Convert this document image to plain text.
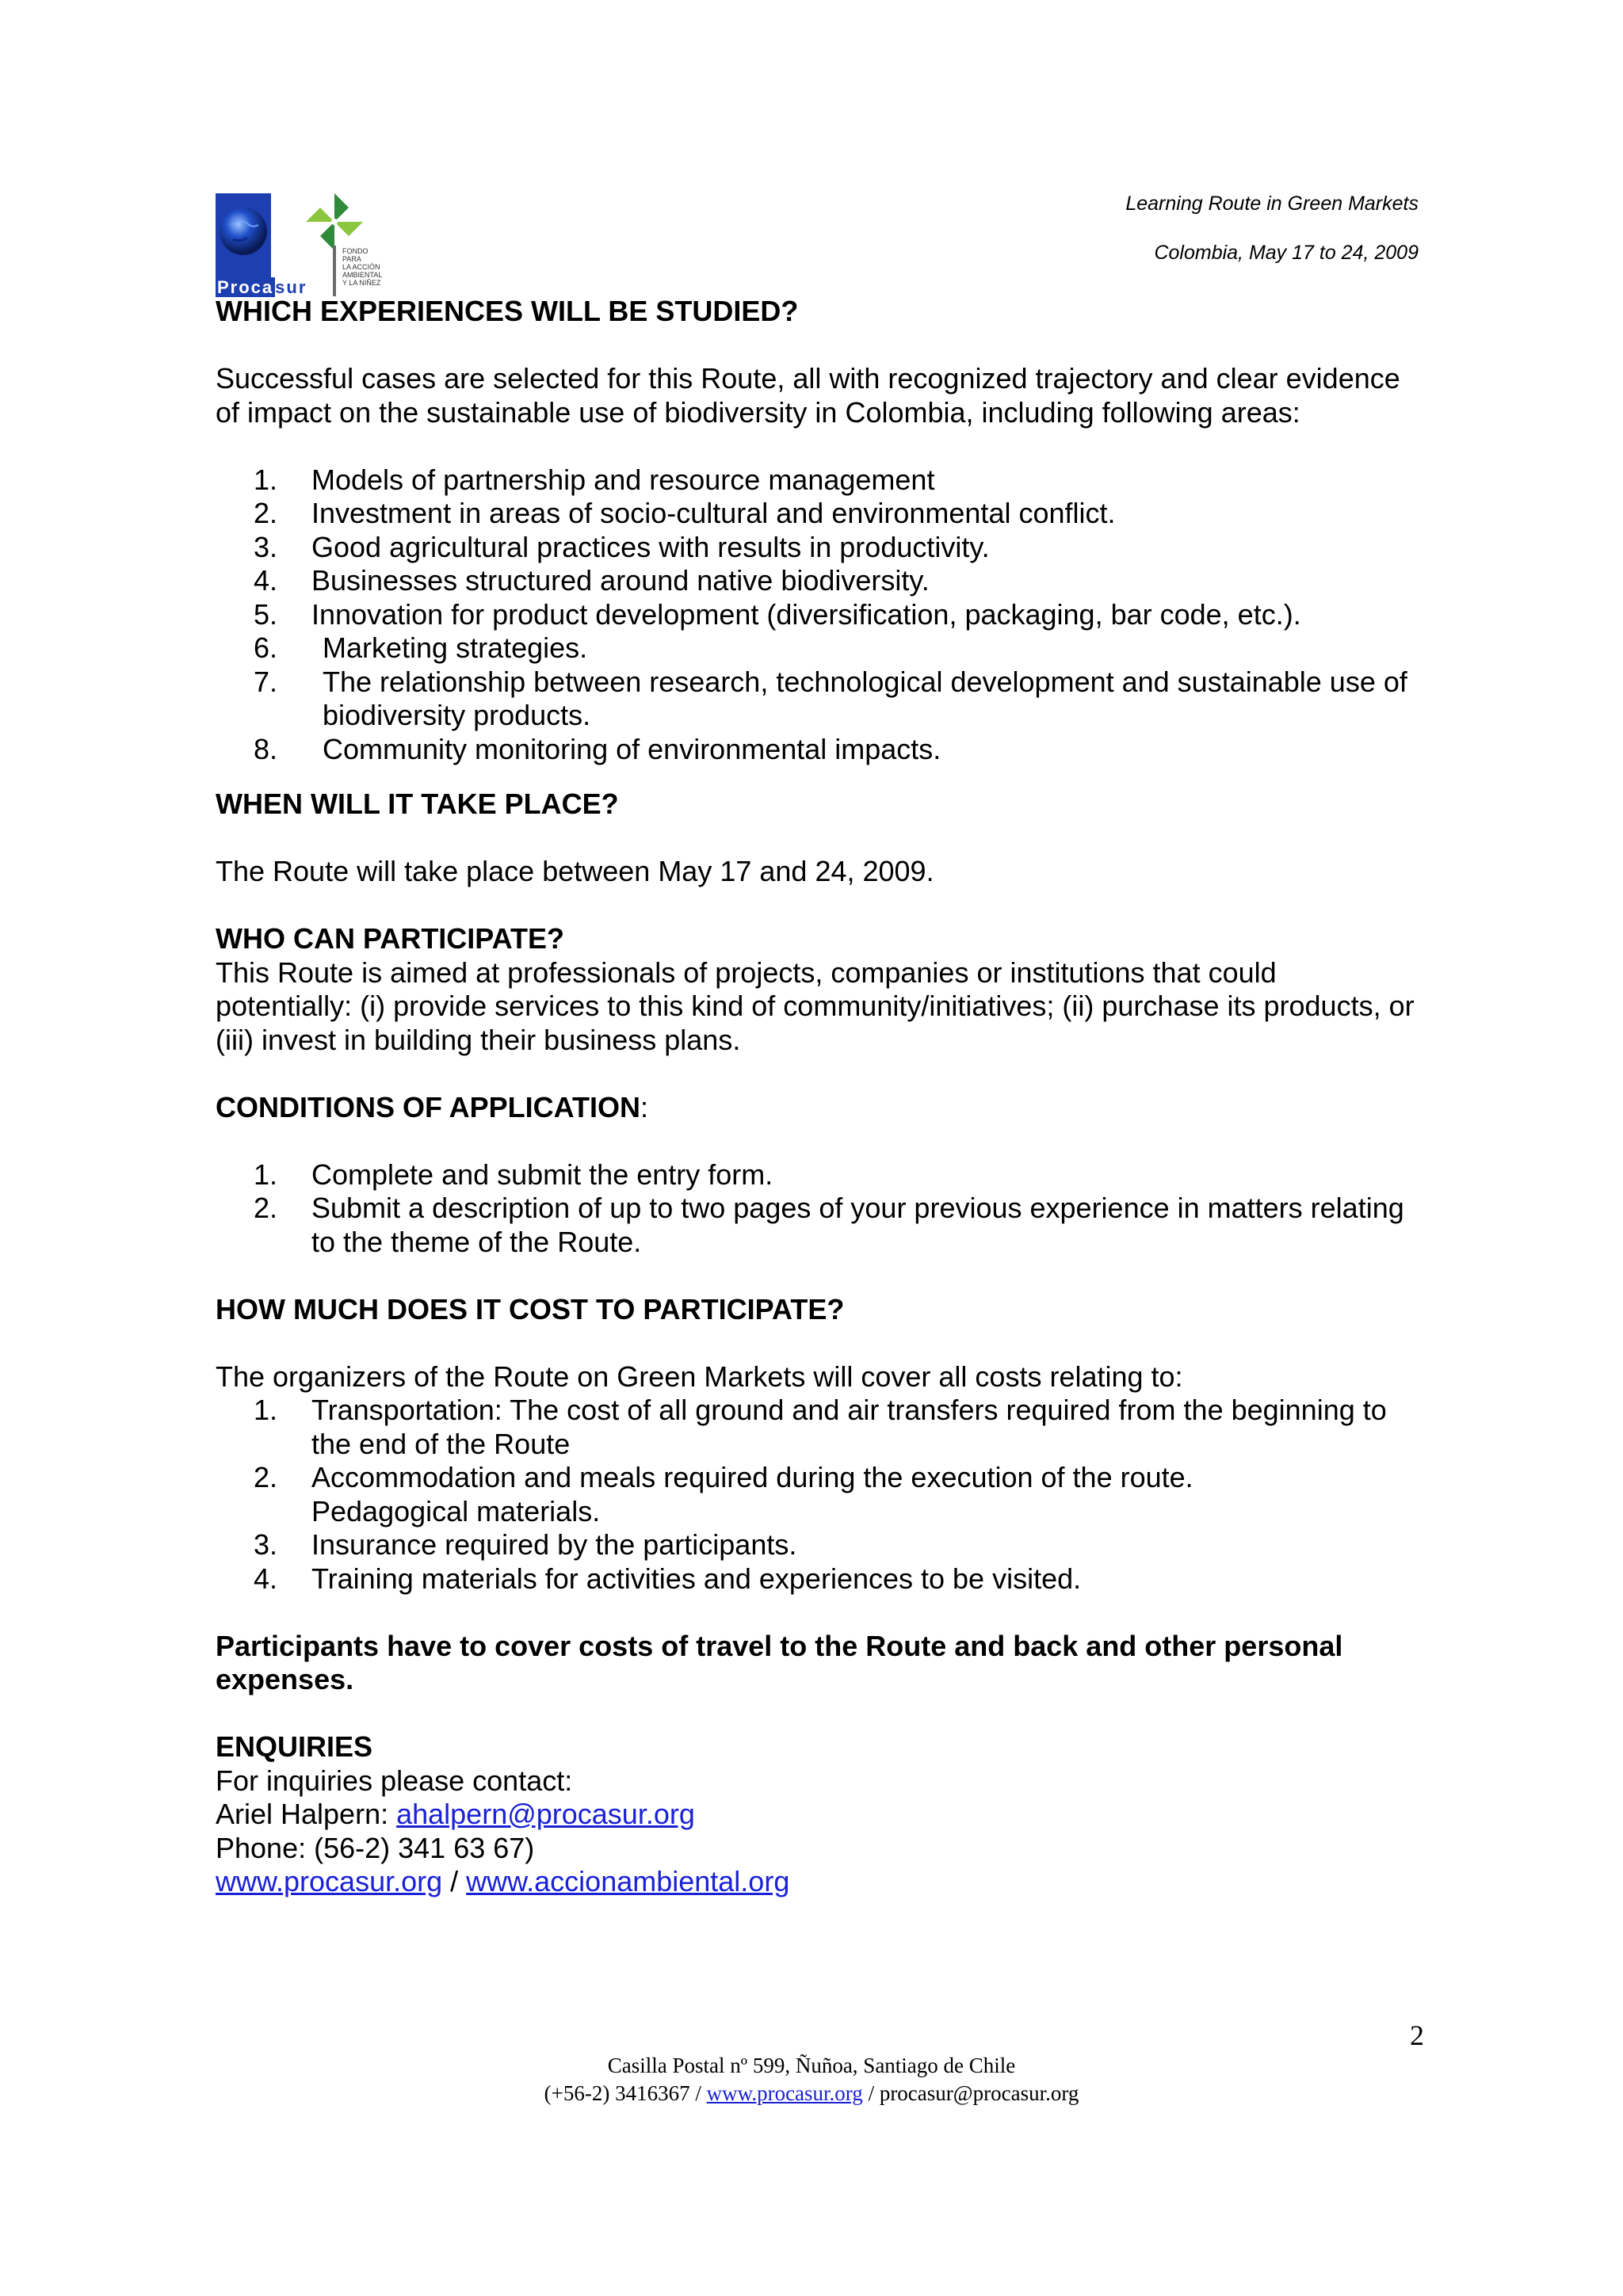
Learning Route in Green Markets
Colombia, May 17 to 24, 2009
Procasur
FONDO
PARA
LA ACCIÓN
AMBIENTAL
Y LA NIÑEZ
WHICH EXPERIENCES WILL BE STUDIED?

Successful cases are selected for this Route, all with recognized trajectory and clear evidence of impact on the sustainable use of biodiversity in Colombia, including following areas:

1. Models of partnership and resource management
2. Investment in areas of socio-cultural and environmental conflict.
3. Good agricultural practices with results in productivity.
4. Businesses structured around native biodiversity.
5. Innovation for product development (diversification, packaging, bar code, etc.).
6. Marketing strategies.
7. The relationship between research, technological development and sustainable use of biodiversity products.
8. Community monitoring of environmental impacts.
WHEN WILL IT TAKE PLACE?

The Route will take place between May 17 and 24, 2009.

WHO CAN PARTICIPATE?

This Route is aimed at professionals of projects, companies or institutions that could potentially: (i) provide services to this kind of community/initiatives; (ii) purchase its products, or (iii) invest in building their business plans.

CONDITIONS OF APPLICATION:
1. Complete and submit the entry form.
2. Submit a description of up to two pages of your previous experience in matters relating to the theme of the Route.
HOW MUCH DOES IT COST TO PARTICIPATE?

The organizers of the Route on Green Markets will cover all costs relating to:

1. Transportation: The cost of all ground and air transfers required from the beginning to the end of the Route
2. Accommodation and meals required during the execution of the route.
Pedagogical materials.
3. Insurance required by the participants.
4. Training materials for activities and experiences to be visited.

Participants have to cover costs of travel to the Route and back and other personal expenses.

ENQUIRIES

For inquiries please contact:

Ariel Halpern: ahalpern@procasur.org

Phone: (56-2) 341 63 67)

www.procasur.org / www.accionambiental.org

2
Casilla Postal nº 599, Ñuñoa, Santiago de Chile
(+56-2) 3416367 / www.procasur.org / procasur@procasur.org
